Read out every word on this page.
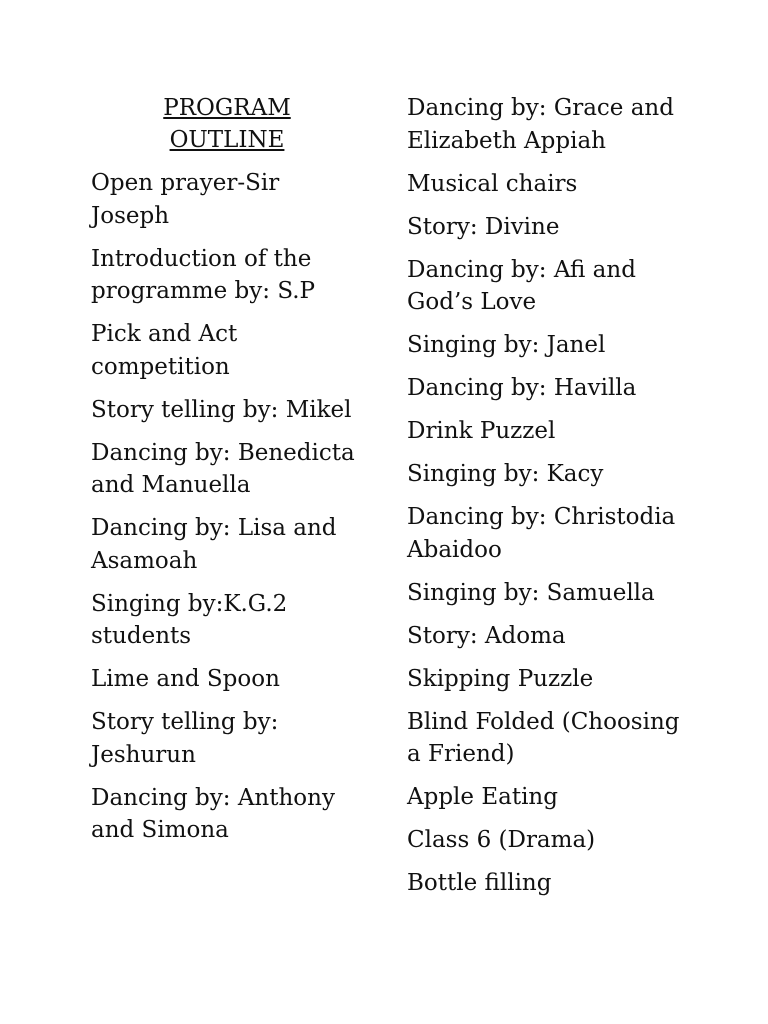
PROGRAM
OUTLINE
Open prayer-Sir Joseph
Introduction of the programme by: S.P
Pick and Act competition
Story telling by: Mikel
Dancing by: Benedicta and Manuella
Dancing by: Lisa and Asamoah
Singing by:K.G.2 students
Lime and Spoon
Story telling by: Jeshurun
Dancing by: Anthony and Simona
Dancing by: Grace and Elizabeth Appiah
Musical chairs
Story: Divine
Dancing by: Afi and God’s Love
Singing by: Janel
Dancing by: Havilla
Drink Puzzel
Singing by: Kacy
Dancing by: Christodia Abaidoo
Singing by: Samuella
Story: Adoma
Skipping Puzzle
Blind Folded (Choosing a Friend)
Apple Eating
Class 6 (Drama)
Bottle filling
